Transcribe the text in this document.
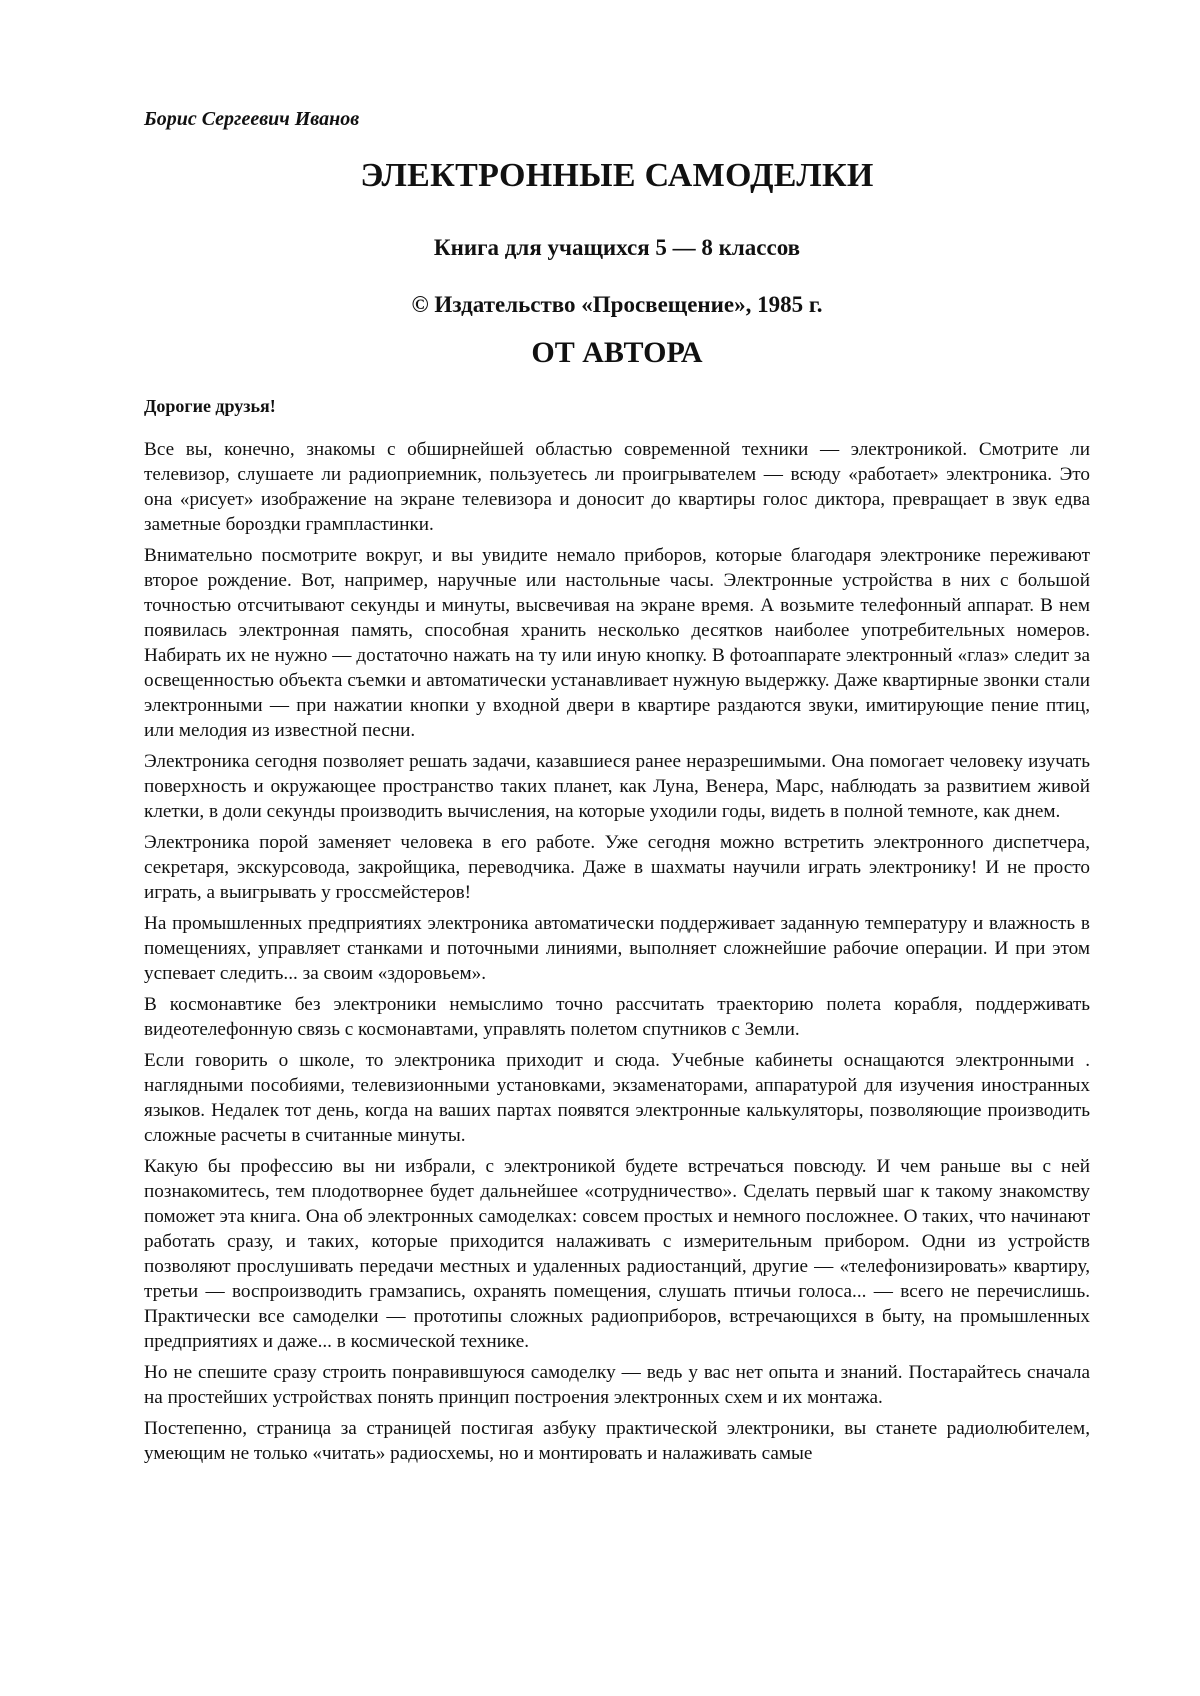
Борис Сергеевич Иванов
ЭЛЕКТРОННЫЕ САМОДЕЛКИ
Книга для учащихся 5 — 8 классов
© Издательство «Просвещение», 1985 г.
ОТ АВТОРА
Дорогие друзья!

Все вы, конечно, знакомы с обширнейшей областью современной техники — электроникой. Смотрите ли телевизор, слушаете ли радиоприемник, пользуетесь ли проигрывателем — всюду «работает» электроника. Это она «рисует» изображение на экране телевизора и доносит до квартиры голос диктора, превращает в звук едва заметные бороздки грампластинки.

Внимательно посмотрите вокруг, и вы увидите немало приборов, которые благодаря электронике переживают второе рождение. Вот, например, наручные или настольные часы. Электронные устройства в них с большой точностью отсчитывают секунды и минуты, высвечивая на экране время. А возьмите телефонный аппарат. В нем появилась электронная память, способная хранить несколько десятков наиболее употребительных номеров. Набирать их не нужно — достаточно нажать на ту или иную кнопку. В фотоаппарате электронный «глаз» следит за освещенностью объекта съемки и автоматически устанавливает нужную выдержку. Даже квартирные звонки стали электронными — при нажатии кнопки у входной двери в квартире раздаются звуки, имитирующие пение птиц, или мелодия из известной песни.

Электроника сегодня позволяет решать задачи, казавшиеся ранее неразрешимыми. Она помогает человеку изучать поверхность и окружающее пространство таких планет, как Луна, Венера, Марс, наблюдать за развитием живой клетки, в доли секунды производить вычисления, на которые уходили годы, видеть в полной темноте, как днем.

Электроника порой заменяет человека в его работе. Уже сегодня можно встретить электронного диспетчера, секретаря, экскурсовода, закройщика, переводчика. Даже в шахматы научили играть электронику! И не просто играть, а выигрывать у гроссмейстеров!

На промышленных предприятиях электроника автоматически поддерживает заданную температуру и влажность в помещениях, управляет станками и поточными линиями, выполняет сложнейшие рабочие операции. И при этом успевает следить... за своим «здоровьем».

В космонавтике без электроники немыслимо точно рассчитать траекторию полета корабля, поддерживать видеотелефонную связь с космонавтами, управлять полетом спутников с Земли.

Если говорить о школе, то электроника приходит и сюда. Учебные кабинеты оснащаются электронными . наглядными пособиями, телевизионными установками, экзаменаторами, аппаратурой для изучения иностранных языков. Недалек тот день, когда на ваших партах появятся электронные калькуляторы, позволяющие производить сложные расчеты в считанные минуты.

Какую бы профессию вы ни избрали, с электроникой будете встречаться повсюду. И чем раньше вы с ней познакомитесь, тем плодотворнее будет дальнейшее «сотрудничество». Сделать первый шаг к такому знакомству поможет эта книга. Она об электронных самоделках: совсем простых и немного посложнее. О таких, что начинают работать сразу, и таких, которые приходится налаживать с измерительным прибором. Одни из устройств позволяют прослушивать передачи местных и удаленных радиостанций, другие — «телефонизировать» квартиру, третьи — воспроизводить грамзапись, охранять помещения, слушать птичьи голоса... — всего не перечислишь. Практически все самоделки — прототипы сложных радиоприборов, встречающихся в быту, на промышленных предприятиях и даже... в космической технике.

Но не спешите сразу строить понравившуюся самоделку — ведь у вас нет опыта и знаний. Постарайтесь сначала на простейших устройствах понять принцип построения электронных схем и их монтажа.

Постепенно, страница за страницей постигая азбуку практической электроники, вы станете радиолюбителем, умеющим не только «читать» радиосхемы, но и монтировать и налаживать самые
